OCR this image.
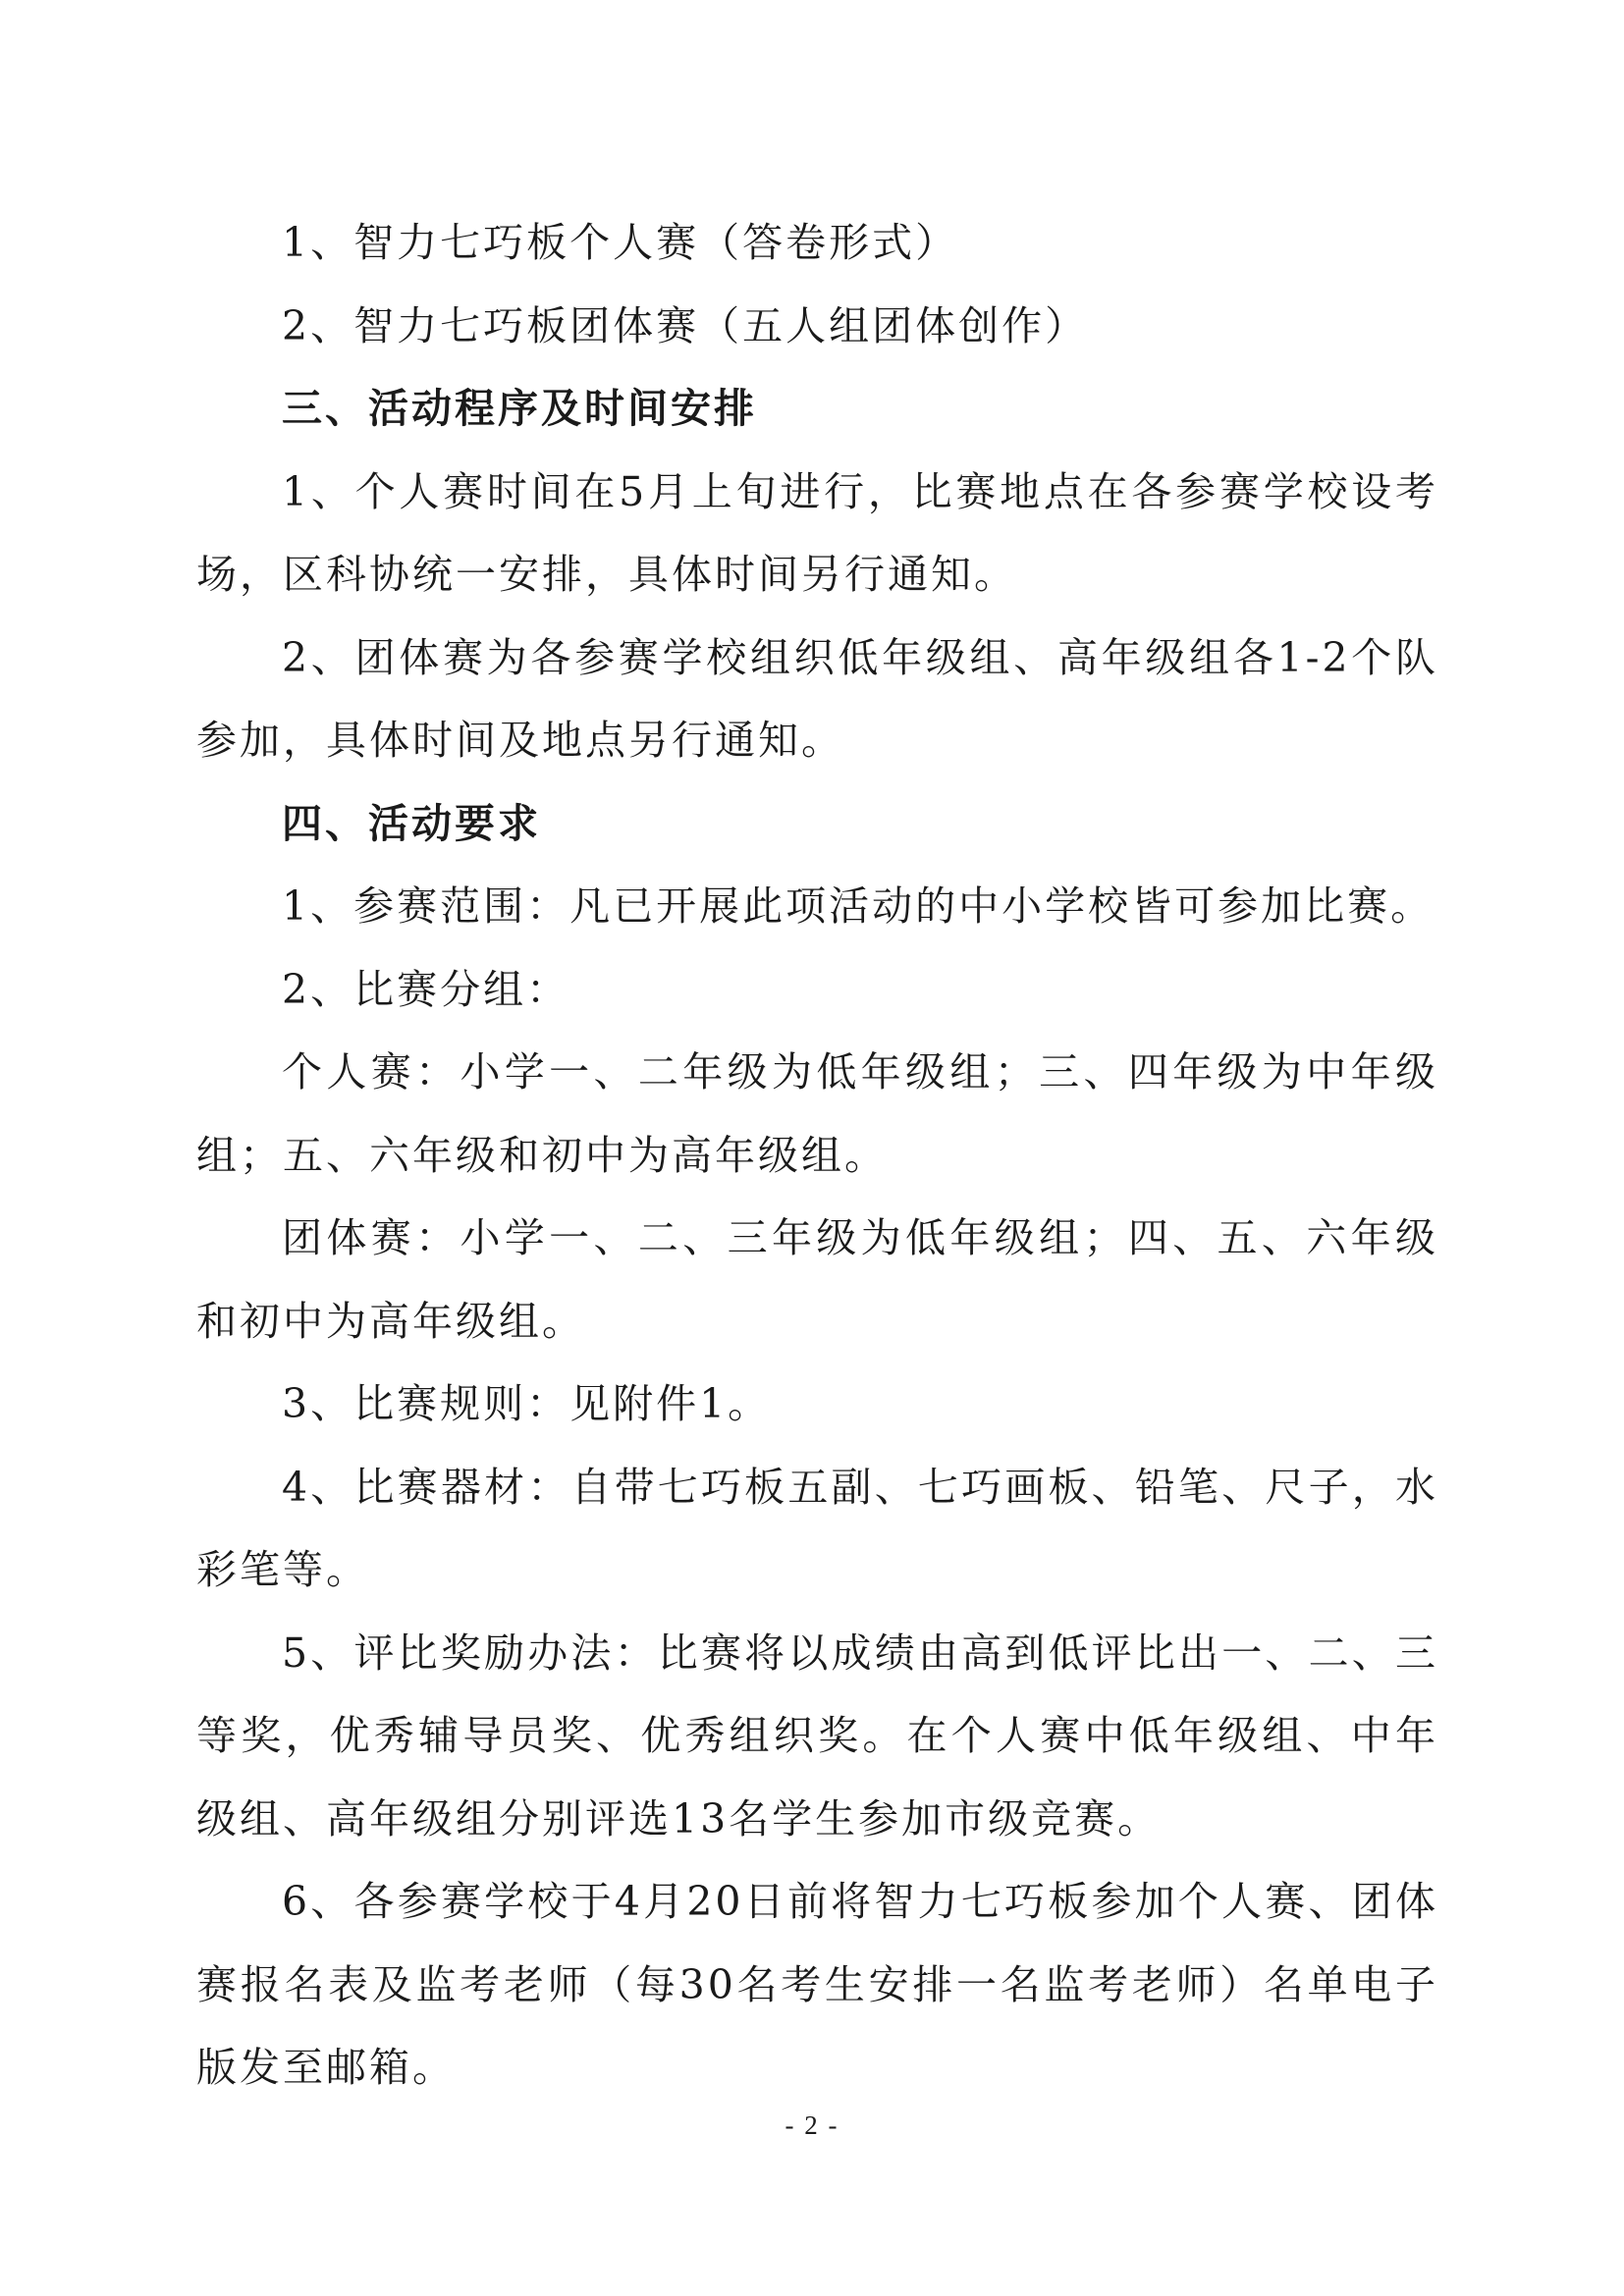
1、智力七巧板个人赛（答卷形式）

2、智力七巧板团体赛（五人组团体创作）

三、活动程序及时间安排

1、个人赛时间在5月上旬进行，比赛地点在各参赛学校设考场，区科协统一安排，具体时间另行通知。

2、团体赛为各参赛学校组织低年级组、高年级组各1-2个队参加，具体时间及地点另行通知。

四、活动要求

1、参赛范围：凡已开展此项活动的中小学校皆可参加比赛。

2、比赛分组：

个人赛：小学一、二年级为低年级组；三、四年级为中年级组；五、六年级和初中为高年级组。

团体赛：小学一、二、三年级为低年级组；四、五、六年级和初中为高年级组。

3、比赛规则：见附件1。

4、比赛器材：自带七巧板五副、七巧画板、铅笔、尺子，水彩笔等。

5、评比奖励办法：比赛将以成绩由高到低评比出一、二、三等奖，优秀辅导员奖、优秀组织奖。在个人赛中低年级组、中年级组、高年级组分别评选13名学生参加市级竞赛。

6、各参赛学校于4月20日前将智力七巧板参加个人赛、团体赛报名表及监考老师（每30名考生安排一名监考老师）名单电子版发至邮箱。

- 2 -
